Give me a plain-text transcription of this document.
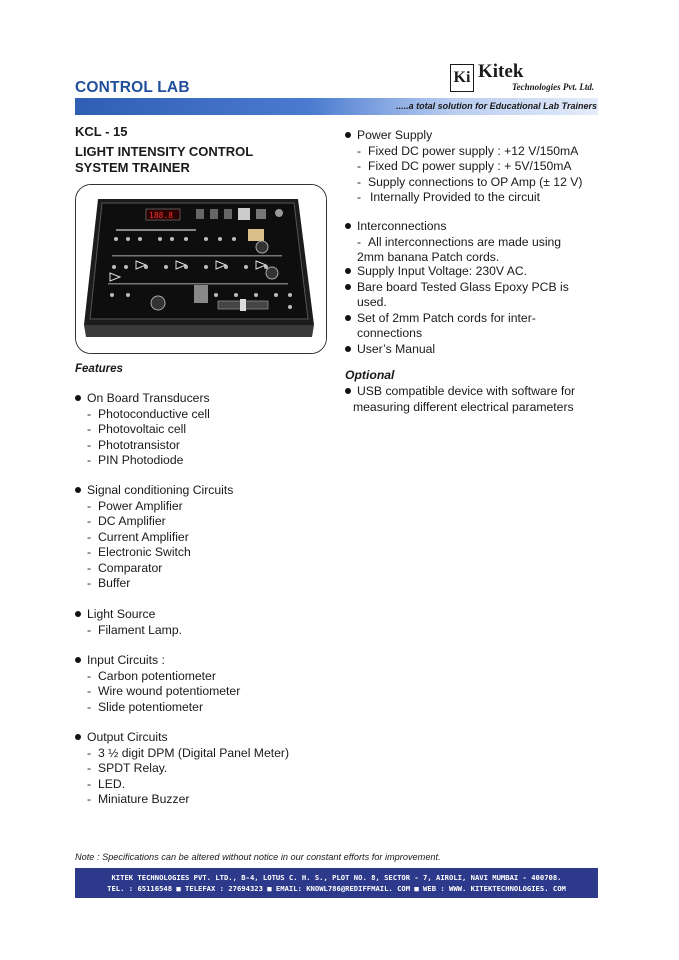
CONTROL LAB
Ki Kitek
Technologies Pvt. Ltd.
.....a total solution for Educational Lab Trainers
KCL - 15
LIGHT INTENSITY CONTROL
SYSTEM TRAINER
188.8
Features
On Board Transducers
- Photoconductive cell
- Photovoltaic cell
- Phototransistor
- PIN Photodiode
Signal conditioning Circuits
- Power Amplifier
- DC Amplifier
- Current Amplifier
- Electronic Switch
- Comparator
- Buffer
Light Source
- Filament Lamp.
Input Circuits :
- Carbon potentiometer
- Wire wound potentiometer
- Slide potentiometer
Output Circuits
- 3 ½ digit DPM (Digital Panel Meter)
- SPDT Relay.
- LED.
- Miniature Buzzer
Power Supply
- Fixed DC power supply : +12 V/150mA
- Fixed DC power supply : + 5V/150mA
- Supply connections to OP Amp (± 12 V)
- Internally Provided to the circuit
Interconnections
- All interconnections are made using
2mm banana Patch cords.
Supply Input Voltage: 230V AC.
Bare board Tested Glass Epoxy PCB is
used.
Set of 2mm Patch cords for inter-
connections
User’s Manual
Optional
USB compatible device with software for
measuring different electrical parameters
Note : Specifications can be altered without notice in our constant efforts for improvement.
KITEK TECHNOLOGIES PVT. LTD., B-4, LOTUS C. H. S., PLOT NO. 8, SECTOR - 7, AIROLI, NAVI MUMBAI - 400708.
TEL. : 65116548 ■ TELEFAX : 27694323 ■ EMAIL: KNOWL786@REDIFFMAIL. COM ■ WEB : WWW. KITEKTECHNOLOGIES. COM
